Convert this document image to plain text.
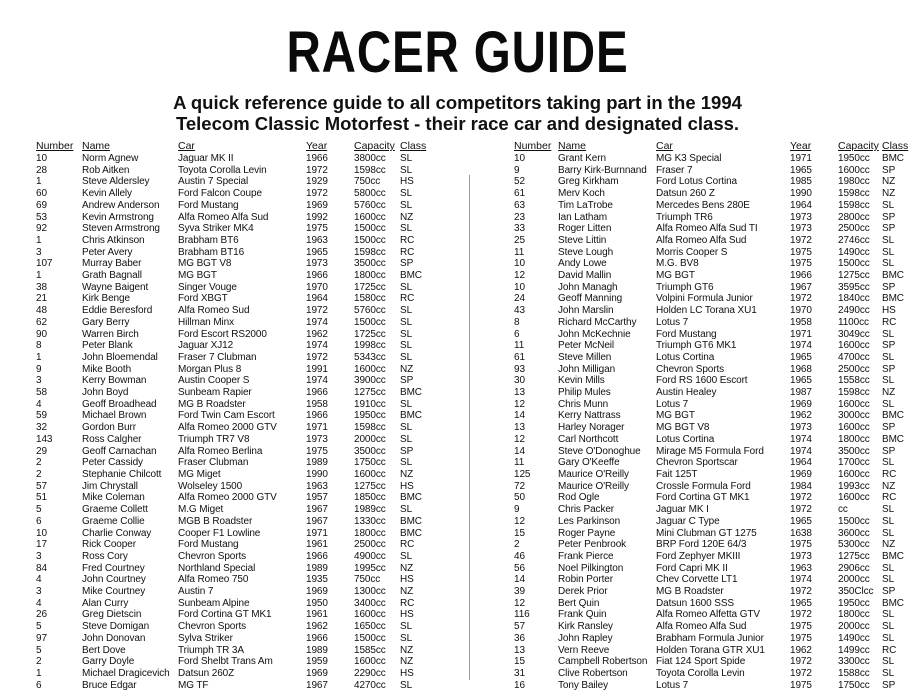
RACER GUIDE
A quick reference guide to all competitors taking part in the 1994
Telecom Classic Motorfest - their race car and designated class.
Number	Name	Car	Year	Capacity	Class
10	Norm Agnew	Jaguar MK II	1966	3800cc	SL
28	Rob Aitken	Toyota Corolla Levin	1972	1598cc	SL
1	Steve Aldersley	Austin 7 Special	1929	750cc	HS
60	Kevin Allely	Ford Falcon Coupe	1972	5800cc	SL
69	Andrew Anderson	Ford Mustang	1969	5760cc	SL
53	Kevin Armstrong	Alfa Romeo Alfa Sud	1992	1600cc	NZ
92	Steven Armstrong	Syva Striker MK4	1975	1500cc	SL
1	Chris Atkinson	Brabham BT6	1963	1500cc	RC
3	Peter Avery	Brabham BT16	1965	1598cc	RC
107	Murray Baber	MG BGT V8	1973	3500cc	SP
1	Grath Bagnall	MG BGT	1966	1800cc	BMC
38	Wayne Baigent	Singer Vouge	1970	1725cc	SL
21	Kirk Benge	Ford XBGT	1964	1580cc	RC
48	Eddie Beresford	Alfa Romeo Sud	1972	5760cc	SL
62	Gary Berry	Hillman Minx	1974	1500cc	SL
90	Warren Birch	Ford Escort RS2000	1962	1725cc	SL
8	Peter Blank	Jaguar XJ12	1974	1998cc	SL
1	John Bloemendal	Fraser 7 Clubman	1972	5343cc	SL
9	Mike Booth	Morgan Plus 8	1991	1600cc	NZ
3	Kerry Bowman	Austin Cooper S	1974	3900cc	SP
58	John Boyd	Sunbeam Rapier	1966	1275cc	BMC
4	Geoff Broadhead	MG B Roadster	1958	1910cc	SL
59	Michael Brown	Ford Twin Cam Escort	1966	1950cc	BMC
32	Gordon Burr	Alfa Romeo 2000 GTV	1971	1598cc	SL
143	Ross Calgher	Triumph TR7 V8	1973	2000cc	SL
29	Geoff Carnachan	Alfa Romeo Berlina	1975	3500cc	SP
2	Peter Cassidy	Fraser Clubman	1989	1750cc	SL
2	Stephanie Chilcott	MG Miget	1990	1600cc	NZ
57	Jim Chrystall	Wolseley 1500	1963	1275cc	HS
51	Mike Coleman	Alfa Romeo 2000 GTV	1957	1850cc	BMC
5	Graeme Collett	M.G Miget	1967	1989cc	SL
6	Graeme Collie	MGB B Roadster	1967	1330cc	BMC
10	Charlie Conway	Cooper F1 Lowline	1971	1800cc	BMC
17	Rick Cooper	Ford Mustang	1961	2500cc	RC
3	Ross Cory	Chevron Sports	1966	4900cc	SL
84	Fred Courtney	Northland Special	1989	1995cc	NZ
4	John Courtney	Alfa Romeo 750	1935	750cc	HS
3	Mike Courtney	Austin 7	1969	1300cc	NZ
4	Alan Curry	Sunbeam Alpine	1950	3400cc	RC
26	Greg Dietscin	Ford Cortina GT MK1	1961	1600cc	HS
5	Steve Domigan	Chevron Sports	1962	1650cc	SL
97	John Donovan	Sylva Striker	1966	1500cc	SL
5	Bert Dove	Triumph TR 3A	1989	1585cc	NZ
2	Garry Doyle	Ford Shelbt Trans Am	1959	1600cc	NZ
1	Michael Dragicevich	Datsun 260Z	1969	2290cc	HS
6	Bruce Edgar	MG TF	1967	4270cc	SL
Number	Name	Car	Year	Capacity	Class
10	Grant Kern	MG K3 Special	1971	1950cc	BMC
9	Barry Kirk-Burnnand	Fraser 7	1965	1600cc	SP
52	Greg Kirkham	Ford Lotus Cortina	1985	1980cc	NZ
61	Merv Koch	Datsun 260 Z	1990	1598cc	NZ
63	Tim LaTrobe	Mercedes Bens 280E	1964	1598cc	SL
23	Ian Latham	Triumph TR6	1973	2800cc	SP
33	Roger Litten	Alfa Romeo Alfa Sud TI	1973	2500cc	SP
25	Steve Littin	Alfa Romeo Alfa Sud	1972	2746cc	SL
11	Steve Lough	Morris Cooper S	1975	1490cc	SL
10	Andy Lowe	M.G. BV8	1975	1500cc	SL
12	David Mallin	MG BGT	1966	1275cc	BMC
10	John Managh	Triumph GT6	1967	3595cc	SP
24	Geoff Manning	Volpini Formula Junior	1972	1840cc	BMC
43	John Marslin	Holden LC Torana XU1	1970	2490cc	HS
8	Richard McCarthy	Lotus 7	1958	1100cc	RC
6	John McKechnie	Ford Mustang	1971	3049cc	SL
11	Peter McNeil	Triumph GT6 MK1	1974	1600cc	SP
61	Steve Millen	Lotus Cortina	1965	4700cc	SL
93	John Milligan	Chevron Sports	1968	2500cc	SP
30	Kevin Mills	Ford RS 1600 Escort	1965	1558cc	SL
13	Philip Mules	Austin Healey	1987	1598cc	NZ
12	Chris Munn	Lotus 7	1969	1600cc	SL
14	Kerry Nattrass	MG BGT	1962	3000cc	BMC
13	Harley Norager	MG BGT V8	1973	1600cc	SP
12	Carl Northcott	Lotus Cortina	1974	1800cc	BMC
14	Steve O'Donoghue	Mirage M5 Formula Ford	1974	3500cc	SP
11	Gary O'Keeffe	Chevron Sportscar	1964	1700cc	SL
125	Maurice O'Reilly	Fait 125T	1969	1600cc	RC
72	Maurice O'Reilly	Crossle Formula Ford	1984	1993cc	NZ
50	Rod Ogle	Ford Cortina GT MK1	1972	1600cc	RC
9	Chris Packer	Jaguar MK I	1972	cc	SL
12	Les Parkinson	Jaguar C Type	1965	1500cc	SL
15	Roger Payne	Mini Clubman GT 1275	1638	3600cc	SL
2	Peter Penbrook	BRP Ford 120E 64/3	1975	5300cc	NZ
46	Frank Pierce	Ford Zephyer MKIII	1973	1275cc	BMC
56	Noel Pilkington	Ford Capri MK II	1963	2906cc	SL
14	Robin Porter	Chev Corvette LT1	1974	2000cc	SL
39	Derek Prior	MG B Roadster	1972	350Clcc	SP
12	Bert Quin	Datsun 1600 SSS	1965	1950cc	BMC
116	Frank Quin	Alfa Romeo Alfetta GTV	1972	1800cc	SL
57	Kirk Ransley	Alfa Romeo Alfa Sud	1975	2000cc	SL
36	John Rapley	Brabham Formula Junior	1975	1490cc	SL
13	Vern Reeve	Holden Torana GTR XU1	1962	1499cc	RC
15	Campbell Robertson	Fiat 124 Sport Spide	1972	3300cc	SL
31	Clive Robertson	Toyota Corolla Levin	1972	1588cc	SL
16	Tony Bailey	Lotus 7	1975	1750cc	SP
